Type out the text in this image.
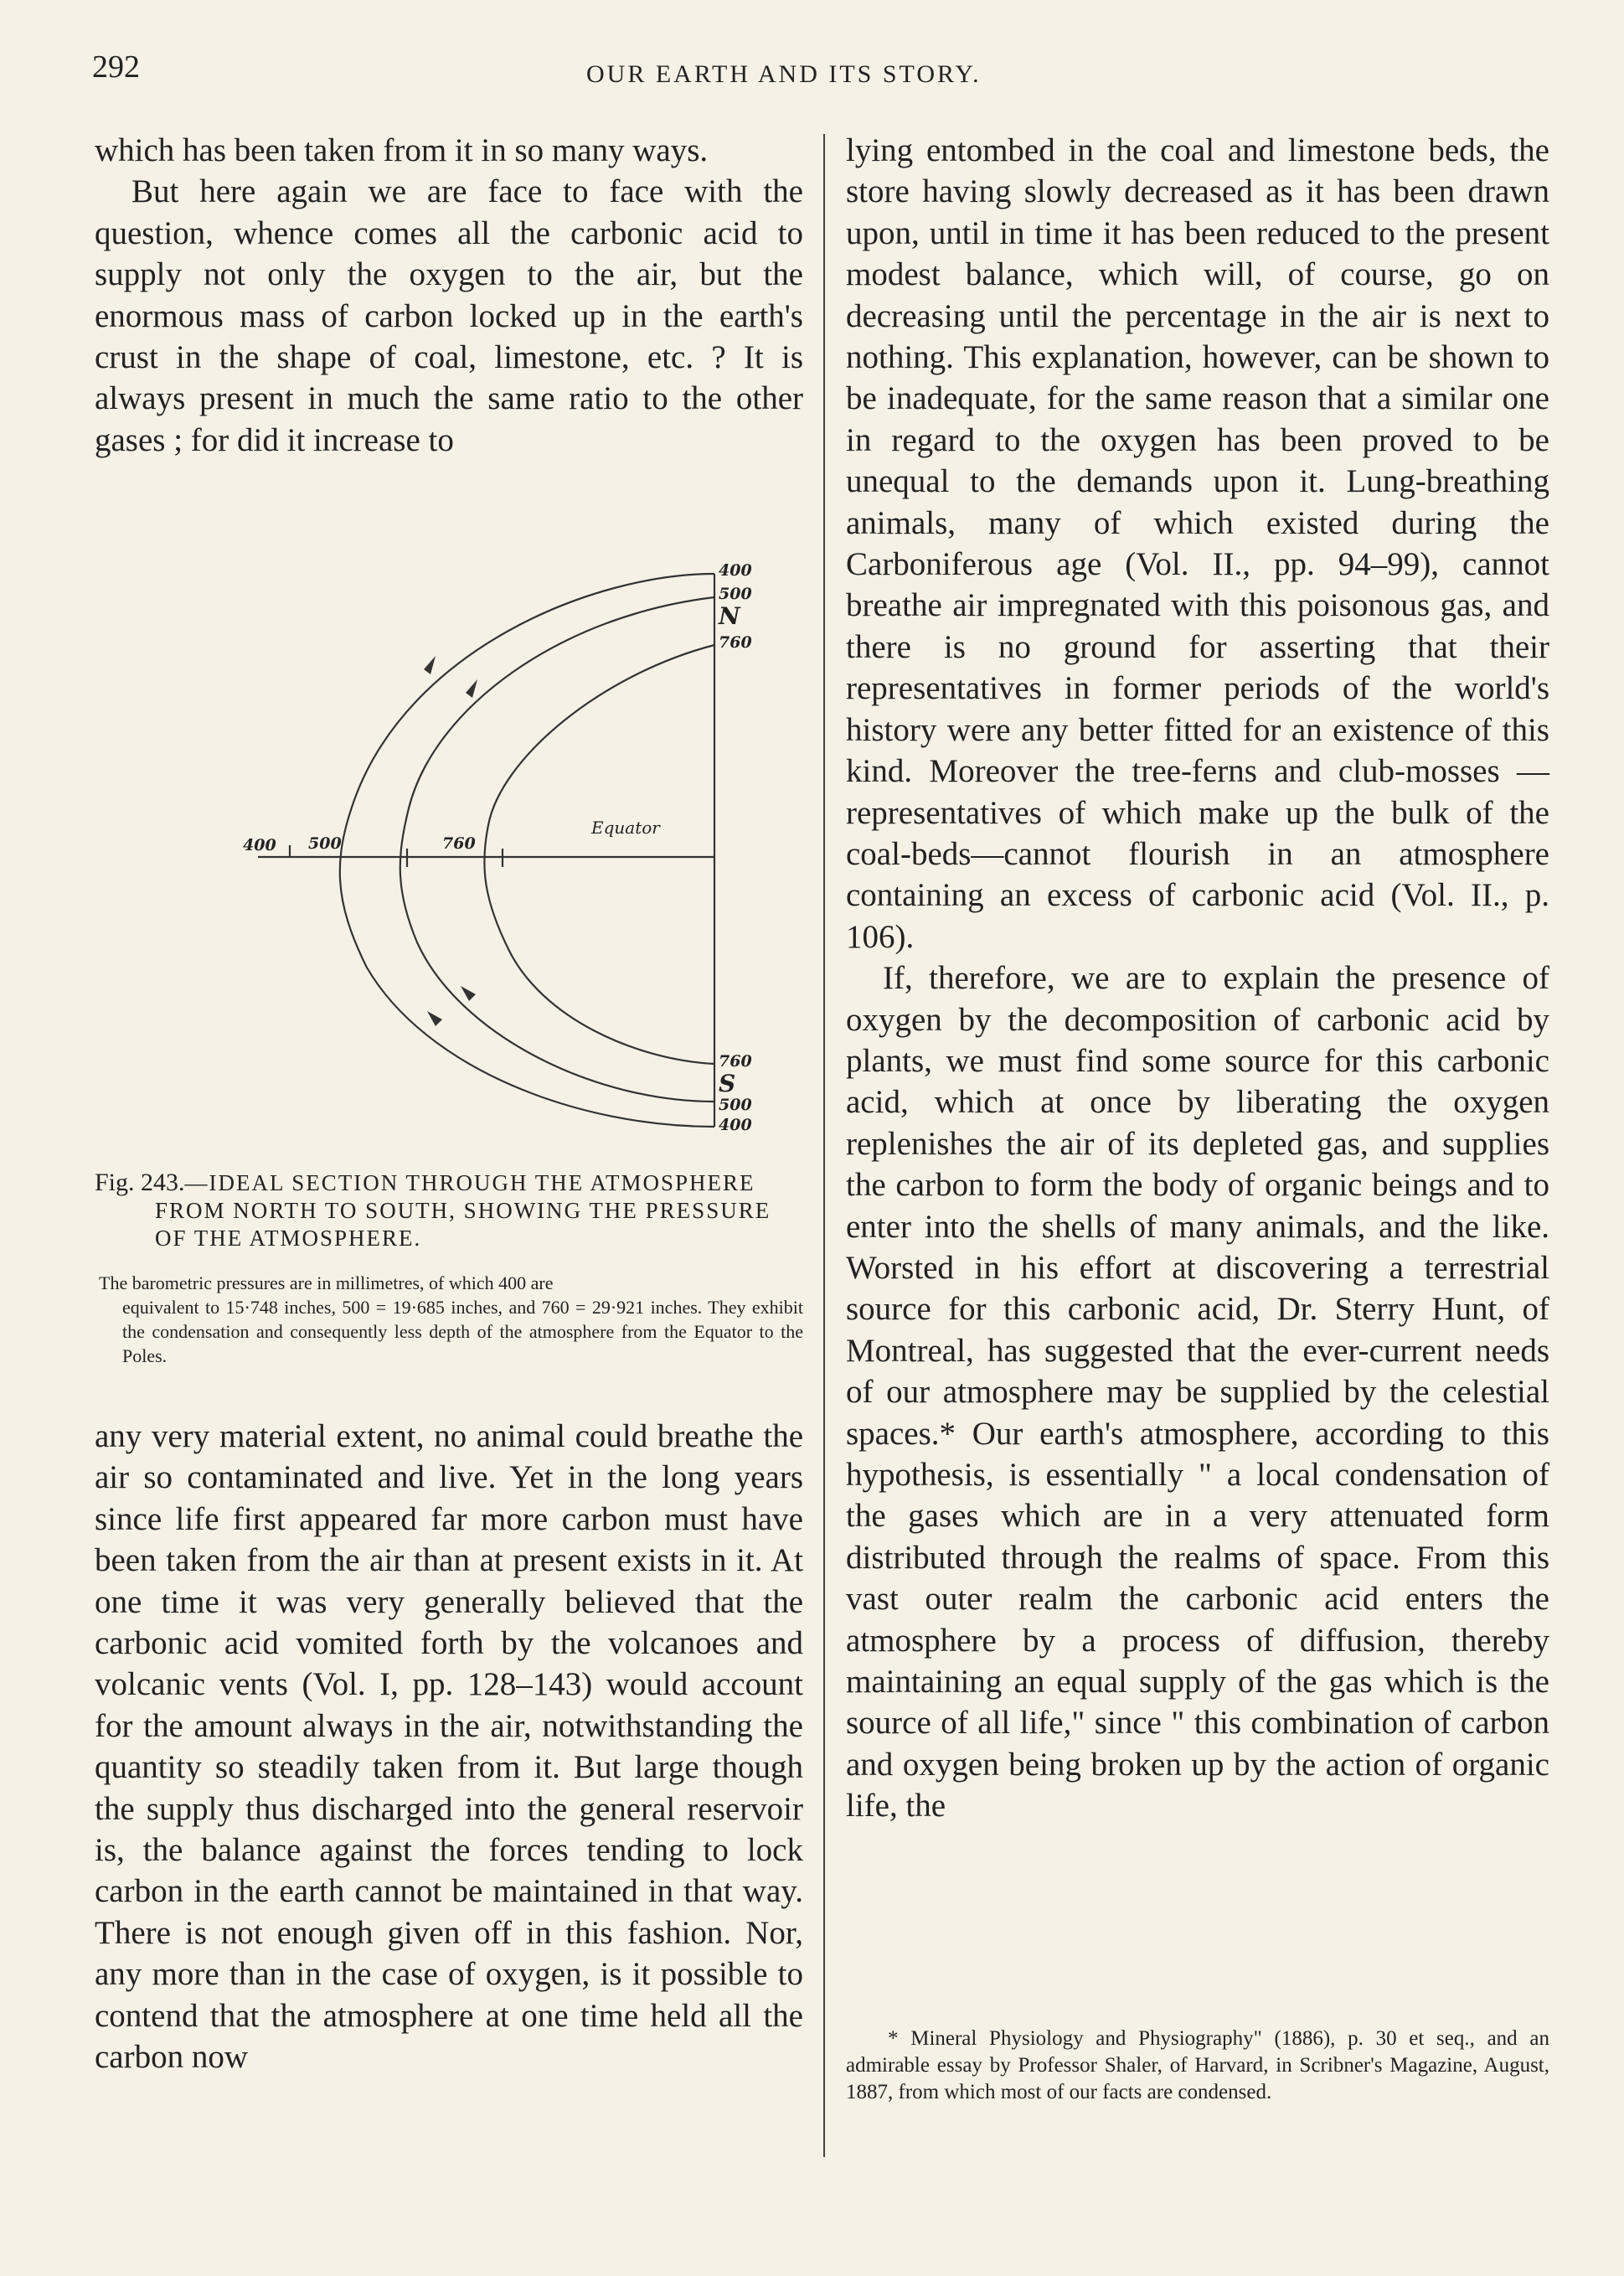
292	OUR EARTH AND ITS STORY.

which has been taken from it in so many ways.

But here again we are face to face with the question, whence comes all the carbonic acid to supply not only the oxygen to the air, but the enormous mass of carbon locked up in the earth's crust in the shape of coal, limestone, etc. ? It is always present in much the same ratio to the other gases ; for did it increase to

400
500
N
760
400 500	760
Equator
760
S
500
400
Fig. 243.—IDEAL SECTION THROUGH THE ATMOSPHERE
FROM NORTH TO SOUTH, SHOWING THE PRESSURE OF THE ATMOSPHERE.
The barometric pressures are in millimetres, of which 400 are
equivalent to 15·748 inches, 500 = 19·685 inches, and 760 = 29·921 inches. They exhibit the condensation and consequently less depth of the atmosphere from the Equator to the Poles.

any very material extent, no animal could breathe the air so contaminated and live. Yet in the long years since life first appeared far more carbon must have been taken from the air than at present exists in it. At one time it was very generally believed that the carbonic acid vomited forth by the volcanoes and volcanic vents (Vol. I, pp. 128–143) would account for the amount always in the air, notwithstanding the quantity so steadily taken from it. But large though the supply thus discharged into the general reservoir is, the balance against the forces tending to lock carbon in the earth cannot be maintained in that way. There is not enough given off in this fashion. Nor, any more than in the case of oxygen, is it possible to contend that the atmosphere at one time held all the carbon now

lying entombed in the coal and limestone beds, the store having slowly decreased as it has been drawn upon, until in time it has been reduced to the present modest balance, which will, of course, go on decreasing until the percentage in the air is next to nothing. This explanation, however, can be shown to be inadequate, for the same reason that a similar one in regard to the oxygen has been proved to be unequal to the demands upon it. Lung-breathing animals, many of which existed during the Carboniferous age (Vol. II., pp. 94–99), cannot breathe air impregnated with this poisonous gas, and there is no ground for asserting that their representatives in former periods of the world's history were any better fitted for an existence of this kind. Moreover the tree-ferns and club-mosses — representatives of which make up the bulk of the coal-beds—cannot flourish in an atmosphere containing an excess of carbonic acid (Vol. II., p. 106).

If, therefore, we are to explain the presence of oxygen by the decomposition of carbonic acid by plants, we must find some source for this carbonic acid, which at once by liberating the oxygen replenishes the air of its depleted gas, and supplies the carbon to form the body of organic beings and to enter into the shells of many animals, and the like. Worsted in his effort at discovering a terrestrial source for this carbonic acid, Dr. Sterry Hunt, of Montreal, has suggested that the ever-current needs of our atmosphere may be supplied by the celestial spaces.* Our earth's atmosphere, according to this hypothesis, is essentially " a local condensation of the gases which are in a very attenuated form distributed through the realms of space. From this vast outer realm the carbonic acid enters the atmosphere by a process of diffusion, thereby maintaining an equal supply of the gas which is the source of all life," since " this combination of carbon and oxygen being broken up by the action of organic life, the

* Mineral Physiology and Physiography" (1886), p. 30 et seq., and an admirable essay by Professor Shaler, of Harvard, in Scribner's Magazine, August, 1887, from which most of our facts are condensed.
